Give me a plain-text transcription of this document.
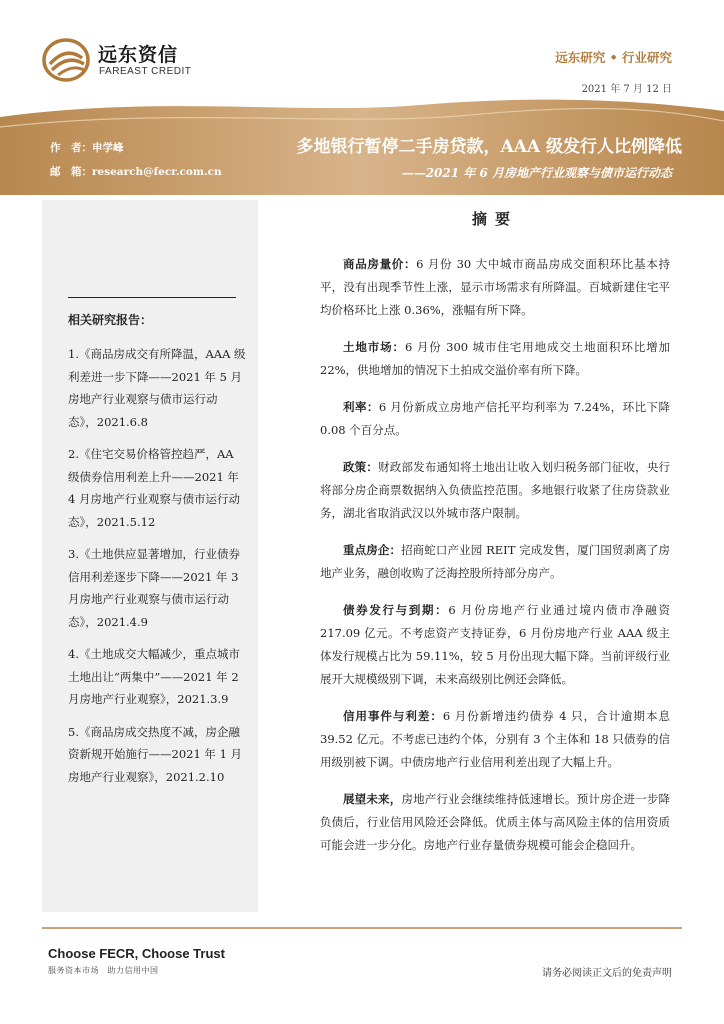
远东资信
FAREAST CREDIT
远东研究 • 行业研究
2021 年 7 月 12 日
作　者：申学峰
邮　箱：research@fecr.com.cn
多地银行暂停二手房贷款，AAA 级发行人比例降低
——2021 年 6 月房地产行业观察与债市运行动态
相关研究报告：
1.《商品房成交有所降温，AAA 级利差进一步下降——2021 年 5 月房地产行业观察与债市运行动态》，2021.6.8
2.《住宅交易价格管控趋严，AA 级债券信用利差上升——2021 年 4 月房地产行业观察与债市运行动态》，2021.5.12
3.《土地供应显著增加，行业债券信用利差逐步下降——2021 年 3 月房地产行业观察与债市运行动态》，2021.4.9
4.《土地成交大幅减少，重点城市土地出让“两集中”——2021 年 2 月房地产行业观察》，2021.3.9
5.《商品房成交热度不减，房企融资新规开始施行——2021 年 1 月房地产行业观察》，2021.2.10
摘要

商品房量价：6 月份 30 大中城市商品房成交面积环比基本持平，没有出现季节性上涨，显示市场需求有所降温。百城新建住宅平均价格环比上涨 0.36%，涨幅有所下降。

土地市场：6 月份 300 城市住宅用地成交土地面积环比增加 22%，供地增加的情况下土拍成交溢价率有所下降。

利率：6 月份新成立房地产信托平均利率为 7.24%，环比下降 0.08 个百分点。

政策：财政部发布通知将土地出让收入划归税务部门征收，央行将部分房企商票数据纳入负债监控范围。多地银行收紧了住房贷款业务，湖北省取消武汉以外城市落户限制。

重点房企：招商蛇口产业园 REIT 完成发售，厦门国贸剥离了房地产业务，融创收购了泛海控股所持部分房产。

债券发行与到期：6 月份房地产行业通过境内债市净融资 217.09 亿元。不考虑资产支持证券，6 月份房地产行业 AAA 级主体发行规模占比为 59.11%，较 5 月份出现大幅下降。当前评级行业展开大规模级别下调，未来高级别比例还会降低。

信用事件与利差：6 月份新增违约债券 4 只，合计逾期本息 39.52 亿元。不考虑已违约个体，分别有 3 个主体和 18 只债券的信用级别被下调。中债房地产行业信用利差出现了大幅上升。

展望未来，房地产行业会继续维持低速增长。预计房企进一步降负债后，行业信用风险还会降低。优质主体与高风险主体的信用资质可能会进一步分化。房地产行业存量债券规模可能会企稳回升。

Choose FECR, Choose Trust
服务资本市场　助力信用中国	请务必阅读正文后的免责声明
